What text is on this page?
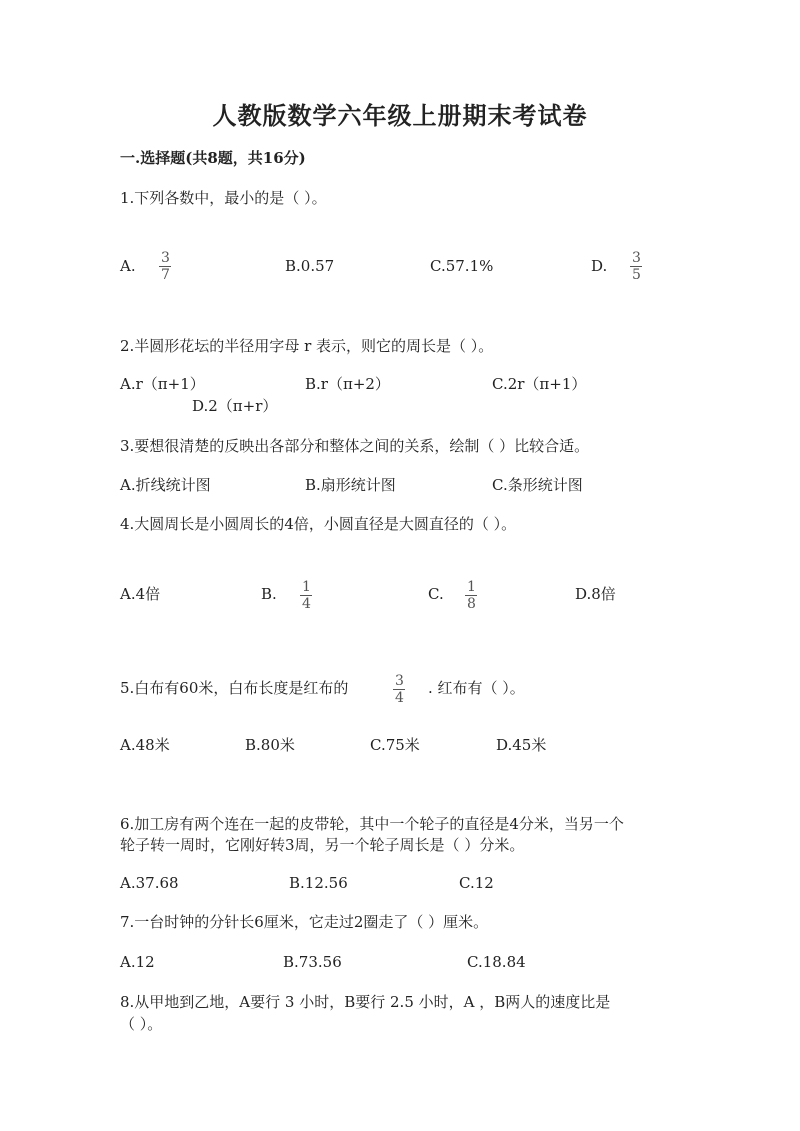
人教版数学六年级上册期末考试卷
一.选择题(共8题，共16分)
1.下列各数中，最小的是（ ）。
A. 3
7	B.0.57	C.57.1%	D. 3
5
2.半圆形花坛的半径用字母 r 表示，则它的周长是（ ）。
A.r（π+1）	B.r（π+2）	C.2r（π+1）
D.2（π+r）
3.要想很清楚的反映出各部分和整体之间的关系，绘制（ ）比较合适。
A.折线统计图	B.扇形统计图	C.条形统计图
4.大圆周长是小圆周长的4倍，小圆直径是大圆直径的（ ）。
A.4倍	B. 1
4
C. 1
8
D.8倍
5.白布有60米，白布长度是红布的	3
4
. 红布有（ ）。
A.48米	B.80米	C.75米	D.45米
6.加工房有两个连在一起的皮带轮，其中一个轮子的直径是4分米，当另一个
轮子转一周时，它刚好转3周，另一个轮子周长是（ ）分米。
A.37.68	B.12.56	C.12
7.一台时钟的分针长6厘米，它走过2圈走了（ ）厘米。
A.12	B.73.56	C.18.84
8.从甲地到乙地，A要行 3 小时，B要行 2.5 小时，A ，B两人的速度比是
（ ）。
